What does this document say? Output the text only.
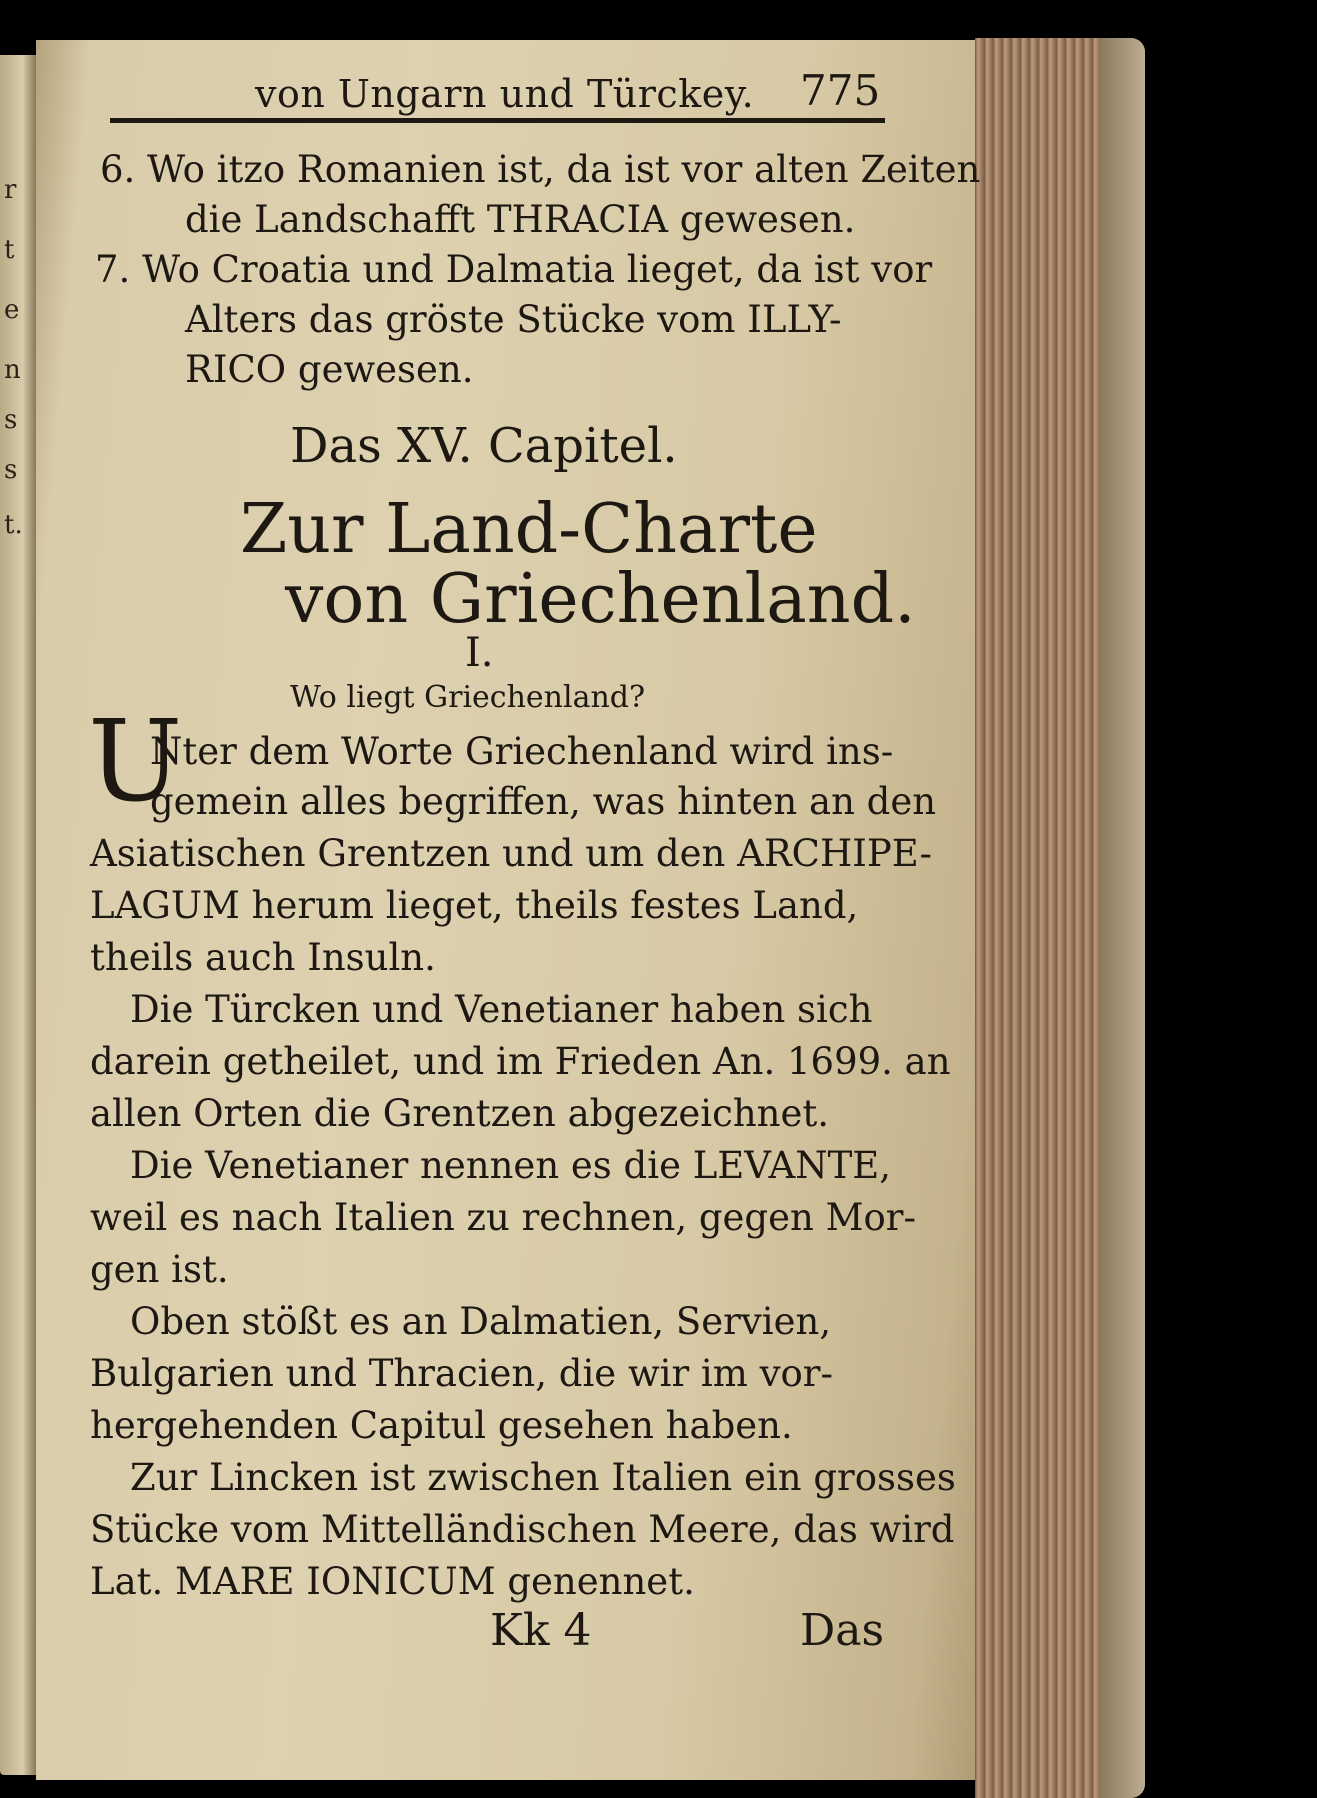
r
t
e
n
s
s
t.
von Ungarn und Türckey. 775
6. Wo itzo Romanien ist, da ist vor alten Zeiten
die Landschafft THRACIA gewesen.
7. Wo Croatia und Dalmatia lieget, da ist vor
Alters das gröste Stücke vom ILLY-
RICO gewesen.
Das XV. Capitel.
Zur Land-Charte
von Griechenland.
I.
Wo liegt Griechenland?
U
Nter dem Worte Griechenland wird ins-
gemein alles begriffen, was hinten an den
Asiatischen Grentzen und um den ARCHIPE-
LAGUM herum lieget, theils festes Land,
theils auch Insuln.
Die Türcken und Venetianer haben sich
darein getheilet, und im Frieden An. 1699. an
allen Orten die Grentzen abgezeichnet.
Die Venetianer nennen es die LEVANTE,
weil es nach Italien zu rechnen, gegen Mor-
gen ist.
Oben stößt es an Dalmatien, Servien,
Bulgarien und Thracien, die wir im vor-
hergehenden Capitul gesehen haben.
Zur Lincken ist zwischen Italien ein grosses
Stücke vom Mittelländischen Meere, das wird
Lat. MARE IONICUM genennet.
Kk 4	Das
